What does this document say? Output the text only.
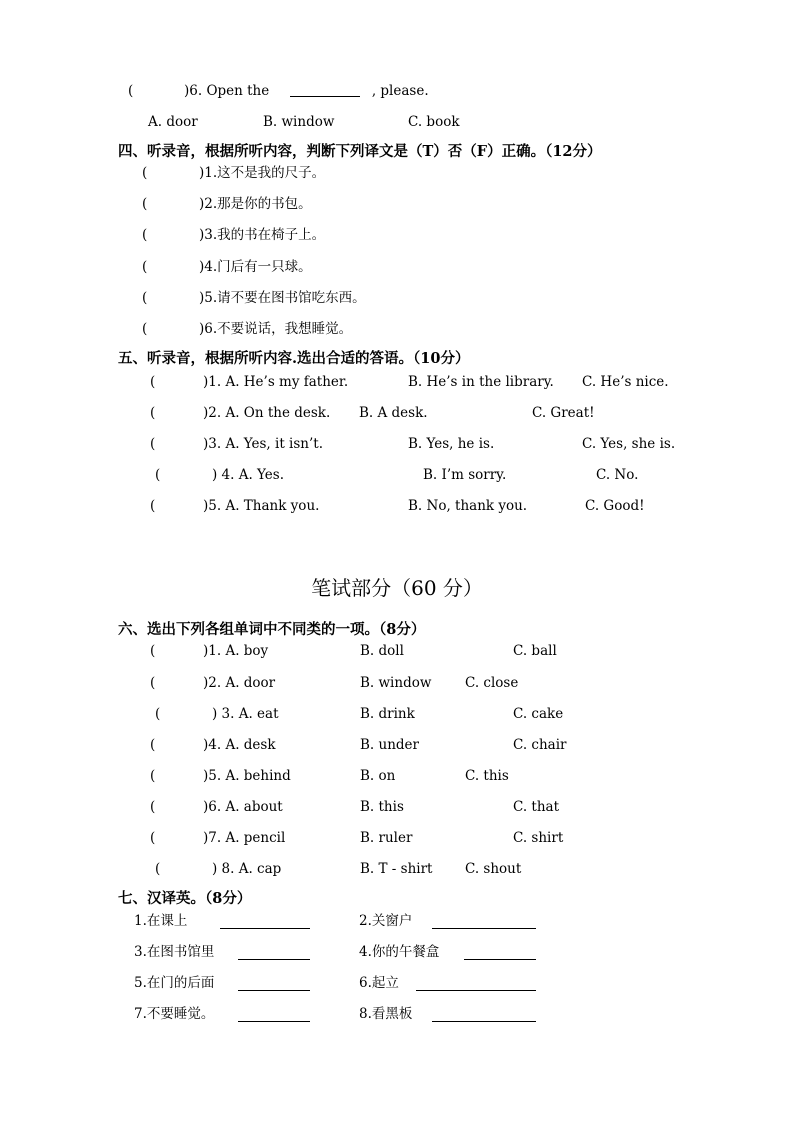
(	)6. Open the	, please.
A. door	B. window	C. book
四、听录音，根据所听内容，判断下列译文是（T）否（F）正确。（12分）
(	)1.这不是我的尺子。
(	)2.那是你的书包。
(	)3.我的书在椅子上。
(	)4.门后有一只球。
(	)5.请不要在图书馆吃东西。
(	)6.不要说话，我想睡觉。
五、听录音，根据所听内容.选出合适的答语。（10分）
(	)1. A. He’s my father.	B. He’s in the library. C. He’s nice.
(	)2. A. On the desk. B. A desk.	C. Great!
(	)3. A. Yes, it isn’t.	B. Yes, he is.	C. Yes, she is.
(	) 4. A. Yes.	B. I’m sorry.	C. No.
(	)5. A. Thank you.	B. No, thank you.	C. Good!
笔试部分（60 分）
六、选出下列各组单词中不同类的一项。（8分）
(	)1. A. boy	B. doll	C. ball
(	)2. A. door	B. window C. close
(	) 3. A. eat	B. drink	C. cake
(	)4. A. desk	B. under	C. chair
(	)5. A. behind	B. on	C. this
(	)6. A. about	B. this	C. that
(	)7. A. pencil	B. ruler	C. shirt
(	) 8. A. cap	B. T - shirt C. shout
七、汉译英。（8分）
1.在课上	2.关窗户
3.在图书馆里	4.你的午餐盒
5.在门的后面	6.起立
7.不要睡觉。	8.看黑板
